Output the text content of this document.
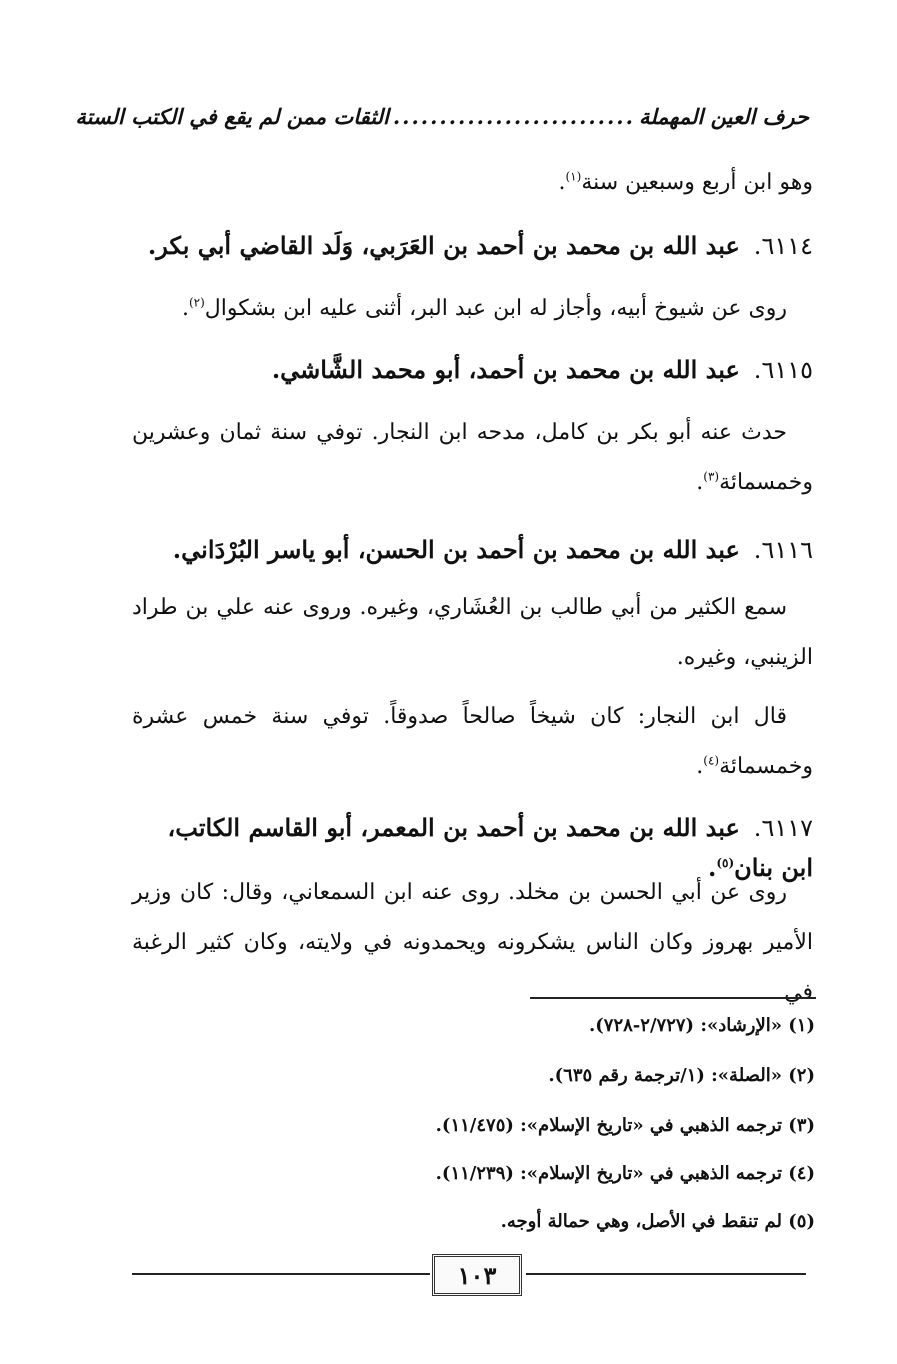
حرف العين المهملة
..........................
الثقات ممن لم يقع في الكتب الستة
وهو ابن أربع وسبعين سنة$^{(١)}$.
٦١١٤.عبد الله بن محمد بن أحمد بن العَرَبي، وَلَد القاضي أبي بكر.
روى عن شيوخ أبيه، وأجاز له ابن عبد البر، أثنى عليه ابن بشكوال$^{(٢)}$.
٦١١٥.عبد الله بن محمد بن أحمد، أبو محمد الشَّاشي.
حدث عنه أبو بكر بن كامل، مدحه ابن النجار. توفي سنة ثمان وعشرين وخمسمائة$^{(٣)}$.
٦١١٦.عبد الله بن محمد بن أحمد بن الحسن، أبو ياسر البُرْدَاني.
سمع الكثير من أبي طالب بن العُشَاري، وغيره. وروى عنه علي بن طراد الزينبي، وغيره.
قال ابن النجار: كان شيخاً صالحاً صدوقاً. توفي سنة خمس عشرة وخمسمائة$^{(٤)}$.
٦١١٧.عبد الله بن محمد بن أحمد بن المعمر، أبو القاسم الكاتب، ابن بنان$^{(٥)}$.
روى عن أبي الحسن بن مخلد. روى عنه ابن السمعاني، وقال: كان وزير الأمير بهروز وكان الناس يشكرونه ويحمدونه في ولايته، وكان كثير الرغبة في
(١) «الإرشاد»: (٢/٧٢٧-٧٢٨).
(٢) «الصلة»: (١/ترجمة رقم ٦٣٥).
(٣) ترجمه الذهبي في «تاريخ الإسلام»: (١١/٤٧٥).
(٤) ترجمه الذهبي في «تاريخ الإسلام»: (١١/٢٣٩).
(٥) لم تنقط في الأصل، وهي حمالة أوجه.
١٠٣
